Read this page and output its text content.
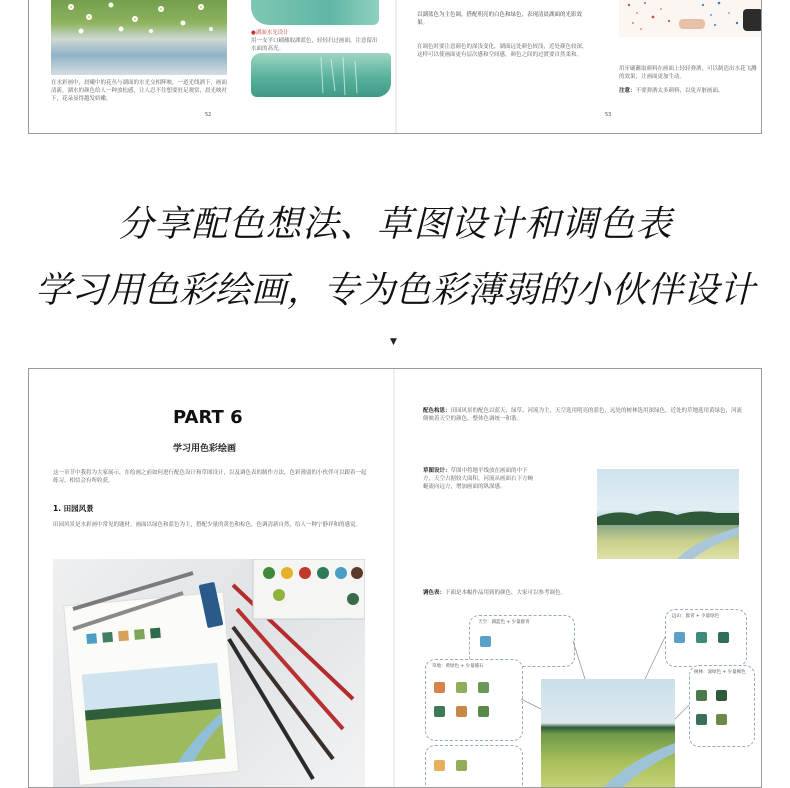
在水彩画中，晨曦中的花丛与湖面的水光交相辉映，一道光线洒下，画面清新。湖水的颜色给人一种放松感，让人忍不住想要驻足观赏，晨光映衬下，花朵显得越发娇嫩。
●湖面水光设计
用一支平口刷蘸取湖蓝色，轻轻扫过画面，注意留出水面的高光。
52
以湖蓝色为主色调，搭配明亮的白色和绿色，表现清晨湖面的光影效果。
在调色时要注意颜色的深浅变化，湖面远处颜色较浅，近处颜色较深，这样可以使画面更有层次感和空间感，颜色之间的过渡要自然柔和。
用牙刷蘸取颜料在画面上轻轻弹洒，可以制造出水花飞溅的效果，让画面更加生动。
注意：不要弹洒太多颜料，以免弄脏画面。
53
分享配色想法、草图设计和调色表
学习用色彩绘画，专为色彩薄弱的小伙伴设计
▼
PART 6
学习用色彩绘画
这一章节中我将为大家展示，在绘画之前如何进行配色设计和草图设计，以及调色表的制作方法，色彩薄弱的小伙伴可以跟着一起练习，相信会有所收获。
1. 田园风景
田园风景是水彩画中常见的题材，画面以绿色和蓝色为主，搭配少量的黄色和棕色，色调清新自然，给人一种宁静祥和的感觉。
配色构思：田园风景的配色以蓝天、绿草、河流为主，天空选用明亮的蓝色，远处的树林选用深绿色，近处的草地选用黄绿色，河流倒映着天空的颜色，整体色调统一和谐。
草图设计：草图中将地平线放在画面的中下方，天空占据较大面积，河流从画面右下方蜿蜒流向远方，增加画面的纵深感。
调色表：下面是本幅作品用到的颜色，大家可以参考调色。
天空：湖蓝色 + 少量群青
远山：群青 + 少量绿色
草地：黄绿色 + 少量赭石
树林：深绿色 + 少量褐色
